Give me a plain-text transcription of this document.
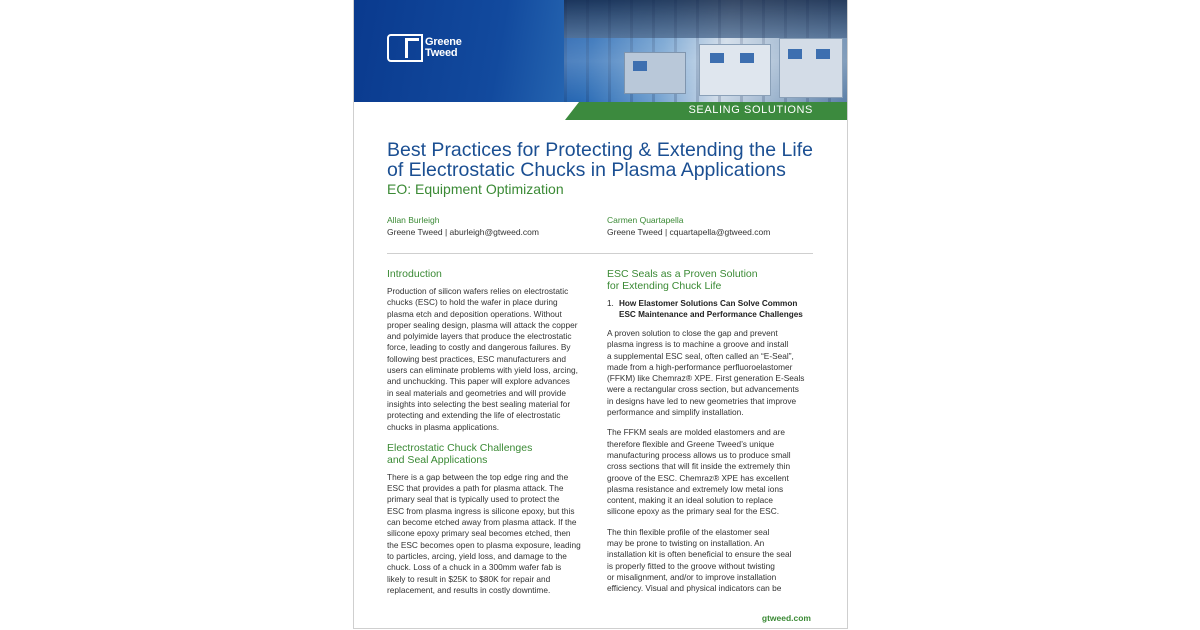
SEALING SOLUTIONS
Greene
Tweed
Best Practices for Protecting & Extending the Life of Electrostatic Chucks in Plasma Applications
EO: Equipment Optimization
Allan Burleigh
Greene Tweed | aburleigh@gtweed.com
Carmen Quartapella
Greene Tweed | cquartapella@gtweed.com
Introduction
Production of silicon wafers relies on electrostatic
chucks (ESC) to hold the wafer in place during
plasma etch and deposition operations. Without
proper sealing design, plasma will attack the copper
and polyimide layers that produce the electrostatic
force, leading to costly and dangerous failures. By
following best practices, ESC manufacturers and
users can eliminate problems with yield loss, arcing,
and unchucking. This paper will explore advances
in seal materials and geometries and will provide
insights into selecting the best sealing material for
protecting and extending the life of electrostatic
chucks in plasma applications.
Electrostatic Chuck Challenges
and Seal Applications
There is a gap between the top edge ring and the
ESC that provides a path for plasma attack. The
primary seal that is typically used to protect the
ESC from plasma ingress is silicone epoxy, but this
can become etched away from plasma attack. If the
silicone epoxy primary seal becomes etched, then
the ESC becomes open to plasma exposure, leading
to particles, arcing, yield loss, and damage to the
chuck. Loss of a chuck in a 300mm wafer fab is
likely to result in $25K to $80K for repair and
replacement, and results in costly downtime.
ESC Seals as a Proven Solution
for Extending Chuck Life
1. How Elastomer Solutions Can Solve Common
ESC Maintenance and Performance Challenges
A proven solution to close the gap and prevent
plasma ingress is to machine a groove and install
a supplemental ESC seal, often called an “E-Seal”,
made from a high-performance perfluoroelastomer
(FFKM) like Chemraz® XPE. First generation E-Seals
were a rectangular cross section, but advancements
in designs have led to new geometries that improve
performance and simplify installation.
The FFKM seals are molded elastomers and are
therefore flexible and Greene Tweed’s unique
manufacturing process allows us to produce small
cross sections that will fit inside the extremely thin
groove of the ESC. Chemraz® XPE has excellent
plasma resistance and extremely low metal ions
content, making it an ideal solution to replace
silicone epoxy as the primary seal for the ESC.
The thin flexible profile of the elastomer seal
may be prone to twisting on installation. An
installation kit is often beneficial to ensure the seal
is properly fitted to the groove without twisting
or misalignment, and/or to improve installation
efficiency. Visual and physical indicators can be
gtweed.com
